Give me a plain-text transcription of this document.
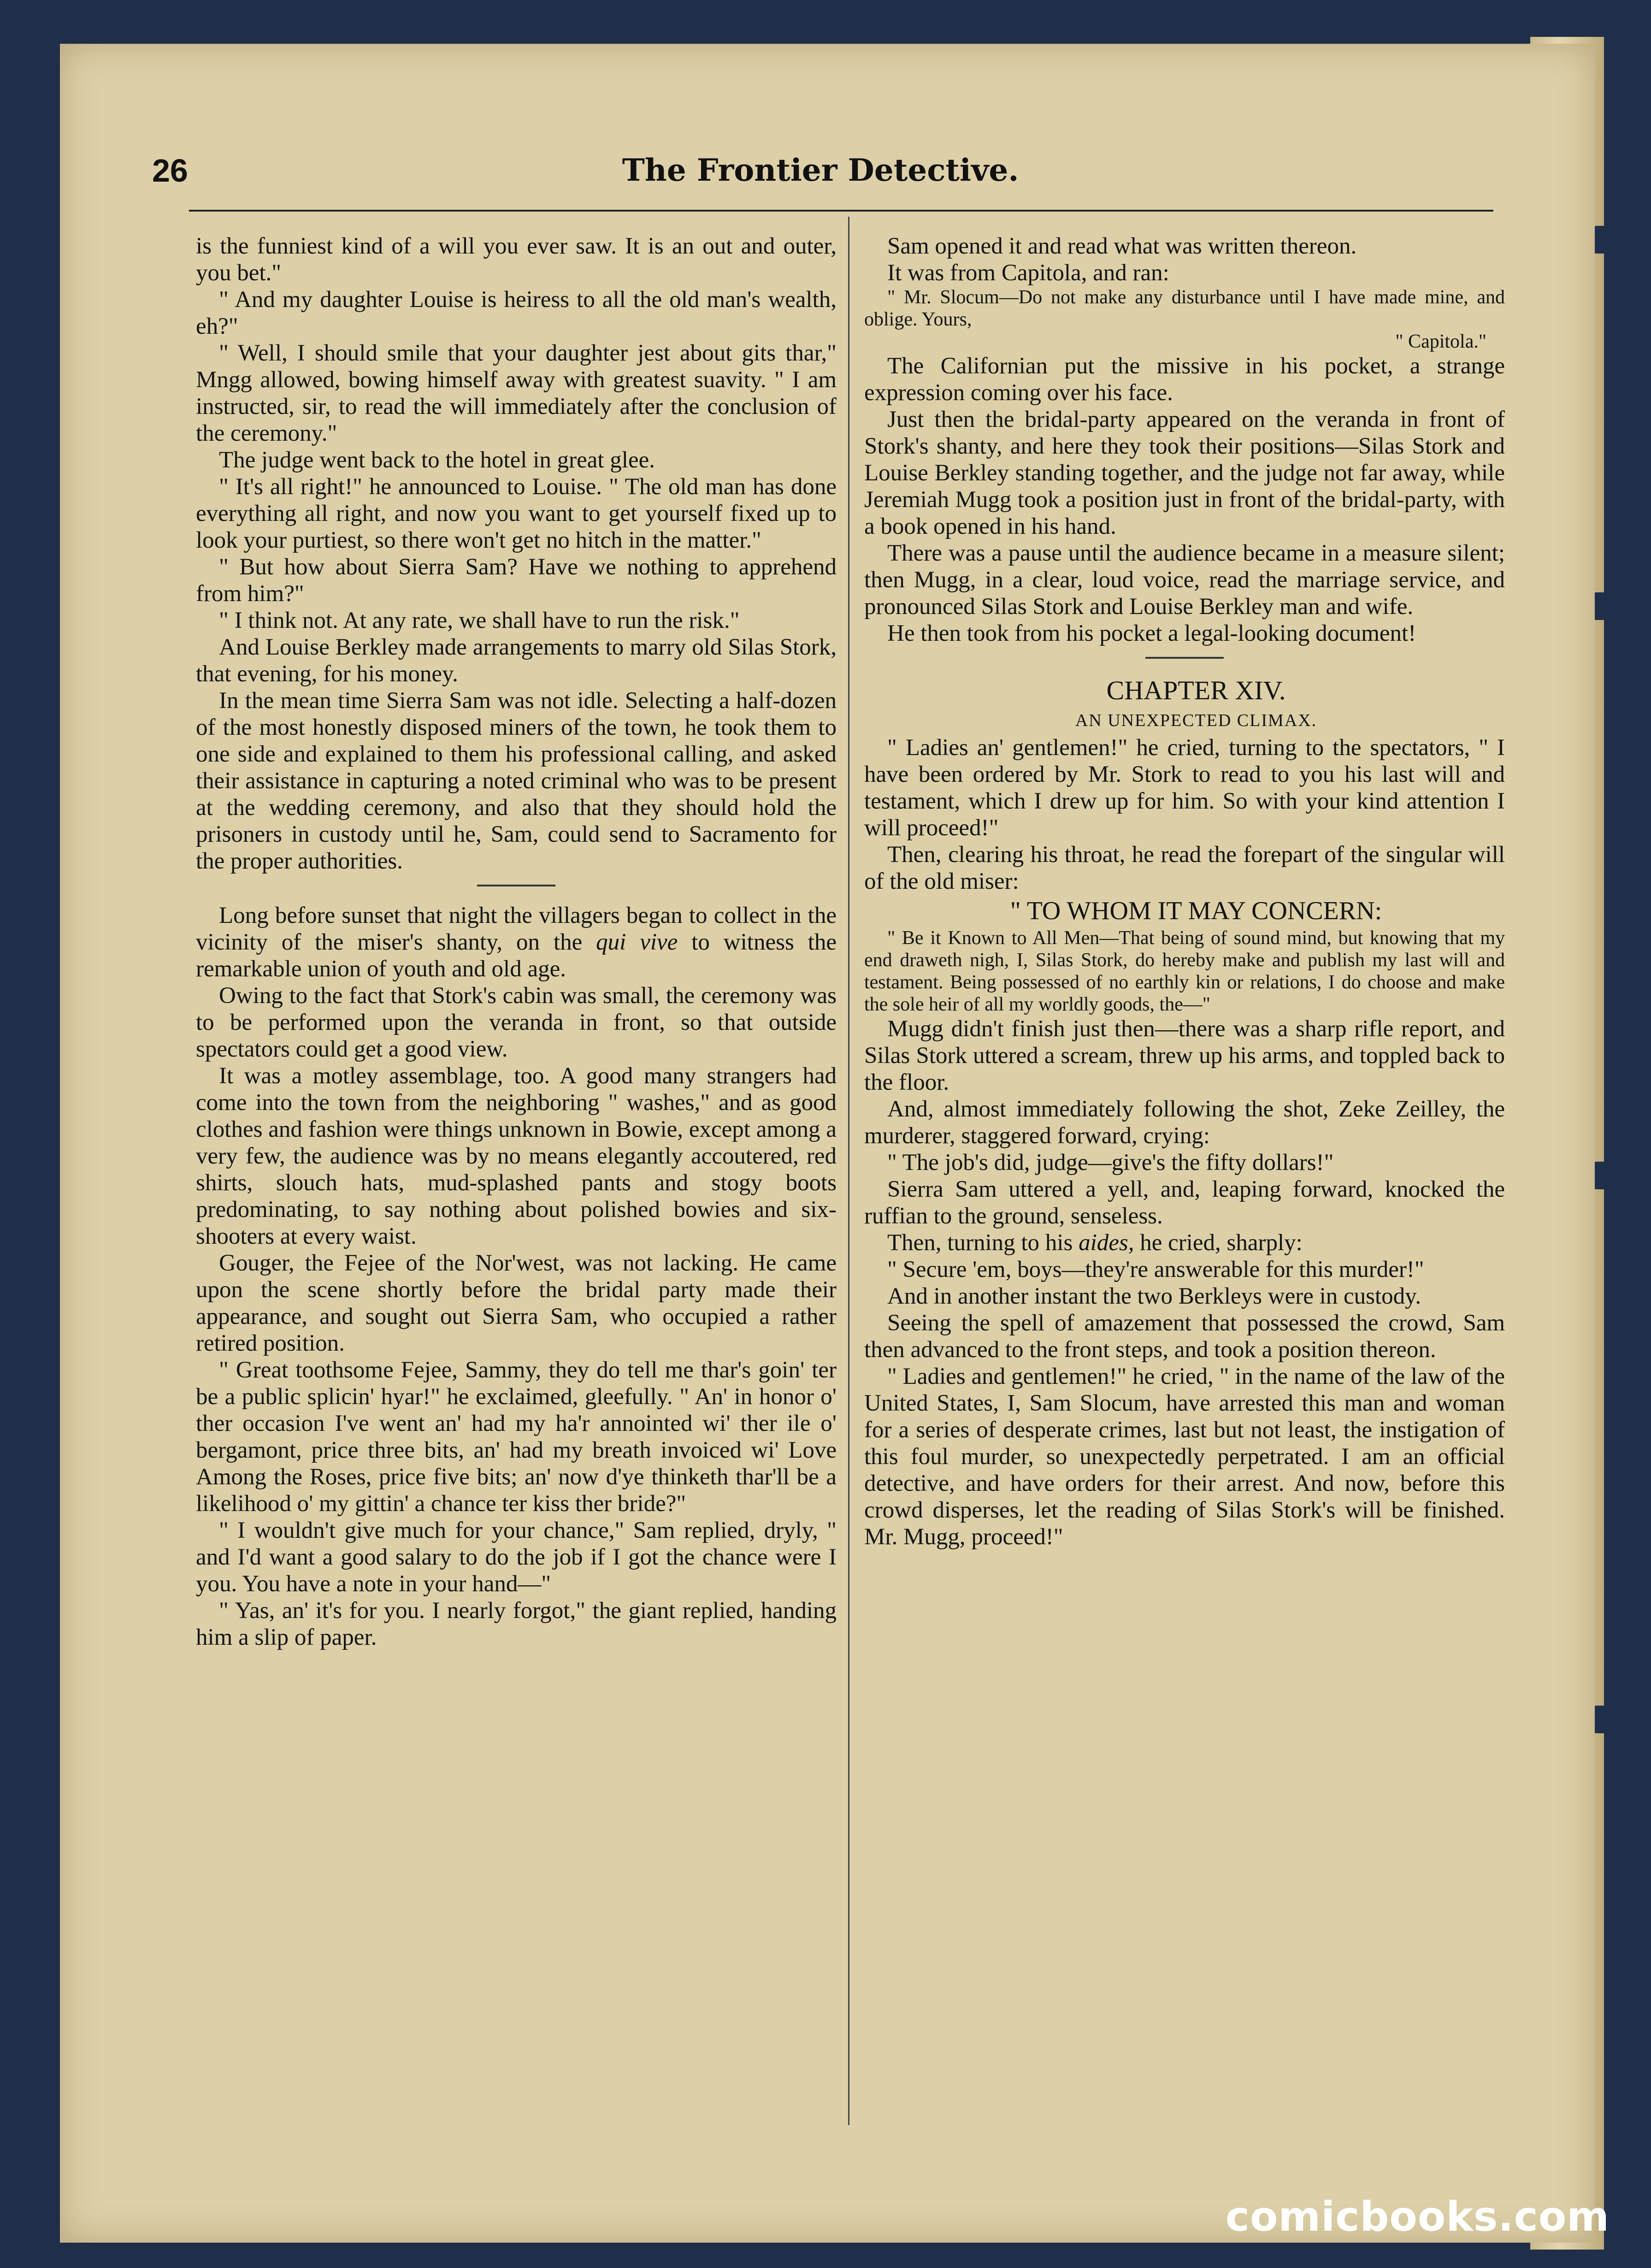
26	The Frontier Detective.

is the funniest kind of a will you ever saw. It is an out and outer, you bet."

" And my daughter Louise is heiress to all the old man's wealth, eh?"

" Well, I should smile that your daughter jest about gits thar," Mngg allowed, bowing himself away with greatest suavity. " I am instructed, sir, to read the will immediately after the conclusion of the ceremony."

The judge went back to the hotel in great glee.

" It's all right!" he announced to Louise. " The old man has done everything all right, and now you want to get yourself fixed up to look your purtiest, so there won't get no hitch in the matter."

" But how about Sierra Sam? Have we nothing to apprehend from him?"

" I think not. At any rate, we shall have to run the risk."

And Louise Berkley made arrangements to marry old Silas Stork, that evening, for his money.

In the mean time Sierra Sam was not idle. Selecting a half-dozen of the most honestly disposed miners of the town, he took them to one side and explained to them his professional calling, and asked their assistance in capturing a noted criminal who was to be present at the wedding ceremony, and also that they should hold the prisoners in custody until he, Sam, could send to Sacramento for the proper authorities.

Long before sunset that night the villagers began to collect in the vicinity of the miser's shanty, on the qui vive to witness the remarkable union of youth and old age.

Owing to the fact that Stork's cabin was small, the ceremony was to be performed upon the veranda in front, so that outside spectators could get a good view.

It was a motley assemblage, too. A good many strangers had come into the town from the neighboring " washes," and as good clothes and fashion were things unknown in Bowie, except among a very few, the audience was by no means elegantly accoutered, red shirts, slouch hats, mud-splashed pants and stogy boots predominating, to say nothing about polished bowies and six-shooters at every waist.

Gouger, the Fejee of the Nor'west, was not lacking. He came upon the scene shortly before the bridal party made their appearance, and sought out Sierra Sam, who occupied a rather retired position.

" Great toothsome Fejee, Sammy, they do tell me thar's goin' ter be a public splicin' hyar!" he exclaimed, gleefully. " An' in honor o' ther occasion I've went an' had my ha'r annointed wi' ther ile o' bergamont, price three bits, an' had my breath invoiced wi' Love Among the Roses, price five bits; an' now d'ye thinketh thar'll be a likelihood o' my gittin' a chance ter kiss ther bride?"

" I wouldn't give much for your chance," Sam replied, dryly, " and I'd want a good salary to do the job if I got the chance were I you. You have a note in your hand—"

" Yas, an' it's for you. I nearly forgot," the giant replied, handing him a slip of paper.

Sam opened it and read what was written thereon.

It was from Capitola, and ran:

" Mr. Slocum—Do not make any disturbance until I have made mine, and oblige. Yours,
" Capitola."

The Californian put the missive in his pocket, a strange expression coming over his face.

Just then the bridal-party appeared on the veranda in front of Stork's shanty, and here they took their positions—Silas Stork and Louise Berkley standing together, and the judge not far away, while Jeremiah Mugg took a position just in front of the bridal-party, with a book opened in his hand.

There was a pause until the audience became in a measure silent; then Mugg, in a clear, loud voice, read the marriage service, and pronounced Silas Stork and Louise Berkley man and wife.

He then took from his pocket a legal-looking document!

CHAPTER XIV.

AN UNEXPECTED CLIMAX.

" Ladies an' gentlemen!" he cried, turning to the spectators, " I have been ordered by Mr. Stork to read to you his last will and testament, which I drew up for him. So with your kind attention I will proceed!"

Then, clearing his throat, he read the forepart of the singular will of the old miser:

" TO WHOM IT MAY CONCERN:

" Be it Known to All Men—That being of sound mind, but knowing that my end draweth nigh, I, Silas Stork, do hereby make and publish my last will and testament. Being possessed of no earthly kin or relations, I do choose and make the sole heir of all my worldly goods, the—"

Mugg didn't finish just then—there was a sharp rifle report, and Silas Stork uttered a scream, threw up his arms, and toppled back to the floor.

And, almost immediately following the shot, Zeke Zeilley, the murderer, staggered forward, crying:

" The job's did, judge—give's the fifty dollars!"

Sierra Sam uttered a yell, and, leaping forward, knocked the ruffian to the ground, senseless.

Then, turning to his aides, he cried, sharply:

" Secure 'em, boys—they're answerable for this murder!"

And in another instant the two Berkleys were in custody.

Seeing the spell of amazement that possessed the crowd, Sam then advanced to the front steps, and took a position thereon.

" Ladies and gentlemen!" he cried, " in the name of the law of the United States, I, Sam Slocum, have arrested this man and woman for a series of desperate crimes, last but not least, the instigation of this foul murder, so unexpectedly perpetrated. I am an official detective, and have orders for their arrest. And now, before this crowd disperses, let the reading of Silas Stork's will be finished. Mr. Mugg, proceed!"

comicbooks.com
